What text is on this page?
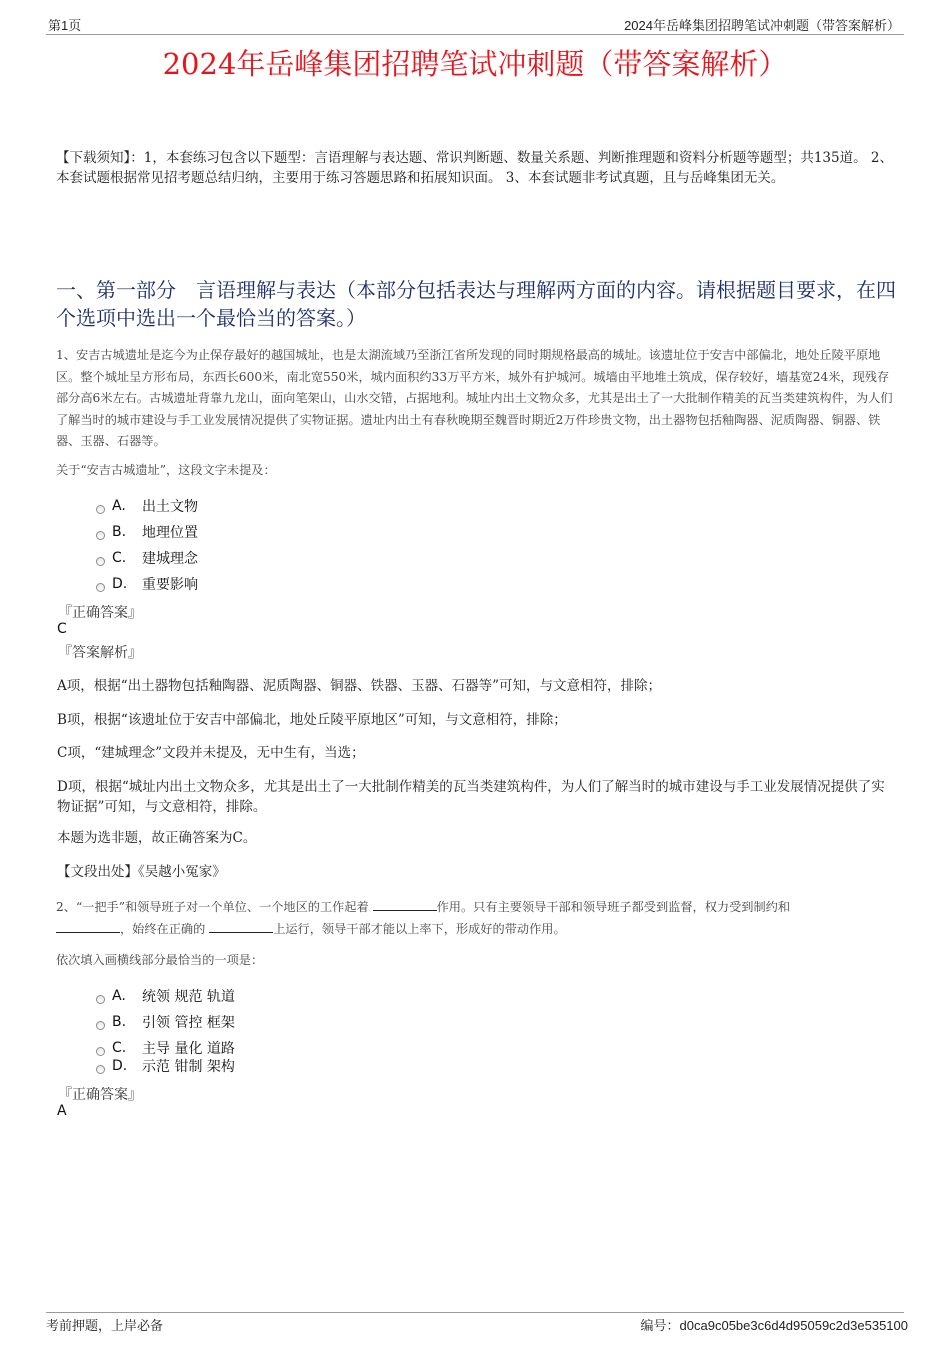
第1页	2024年岳峰集团招聘笔试冲刺题（带答案解析）
2024年岳峰集团招聘笔试冲刺题（带答案解析）
【下载须知】：1，本套练习包含以下题型：言语理解与表达题、常识判断题、数量关系题、判断推理题和资料分析题等题型；共135道。 2、本套试题根据常见招考题总结归纳，主要用于练习答题思路和拓展知识面。 3、本套试题非考试真题，且与岳峰集团无关。
一、第一部分　言语理解与表达（本部分包括表达与理解两方面的内容。请根据题目要求，在四个选项中选出一个最恰当的答案。）
1、安吉古城遗址是迄今为止保存最好的越国城址，也是太湖流域乃至浙江省所发现的同时期规格最高的城址。该遗址位于安吉中部偏北，地处丘陵平原地区。整个城址呈方形布局，东西长600米，南北宽550米，城内面积约33万平方米，城外有护城河。城墙由平地堆土筑成，保存较好，墙基宽24米，现残存部分高6米左右。古城遗址背靠九龙山，面向笔架山，山水交错，占据地利。城址内出土文物众多，尤其是出土了一大批制作精美的瓦当类建筑构件，为人们了解当时的城市建设与手工业发展情况提供了实物证据。遗址内出土有春秋晚期至魏晋时期近2万件珍贵文物，出土器物包括釉陶器、泥质陶器、铜器、铁器、玉器、石器等。
关于“安吉古城遗址”，这段文字未提及：
A.	出土文物
B.	地理位置
C.	建城理念
D.	重要影响
『正确答案』
C
『答案解析』
A项，根据“出土器物包括釉陶器、泥质陶器、铜器、铁器、玉器、石器等”可知，与文意相符，排除；
B项，根据“该遗址位于安吉中部偏北，地处丘陵平原地区”可知，与文意相符，排除；
C项，“建城理念”文段并未提及，无中生有，当选；
D项，根据“城址内出土文物众多，尤其是出土了一大批制作精美的瓦当类建筑构件，为人们了解当时的城市建设与手工业发展情况提供了实物证据”可知，与文意相符，排除。
本题为选非题，故正确答案为C。
【文段出处】《吴越小冤家》
2、“一把手”和领导班子对一个单位、一个地区的工作起着	作用。只有主要领导干部和领导班子都受到监督，权力受到制约和
，始终在正确的	上运行，领导干部才能以上率下，形成好的带动作用。
依次填入画横线部分最恰当的一项是：
A.	统领 规范 轨道
B.	引领 管控 框架
C.	主导 量化 道路
D.	示范 钳制 架构
『正确答案』
A
考前押题，上岸必备	编号：d0ca9c05be3c6d4d95059c2d3e535100
